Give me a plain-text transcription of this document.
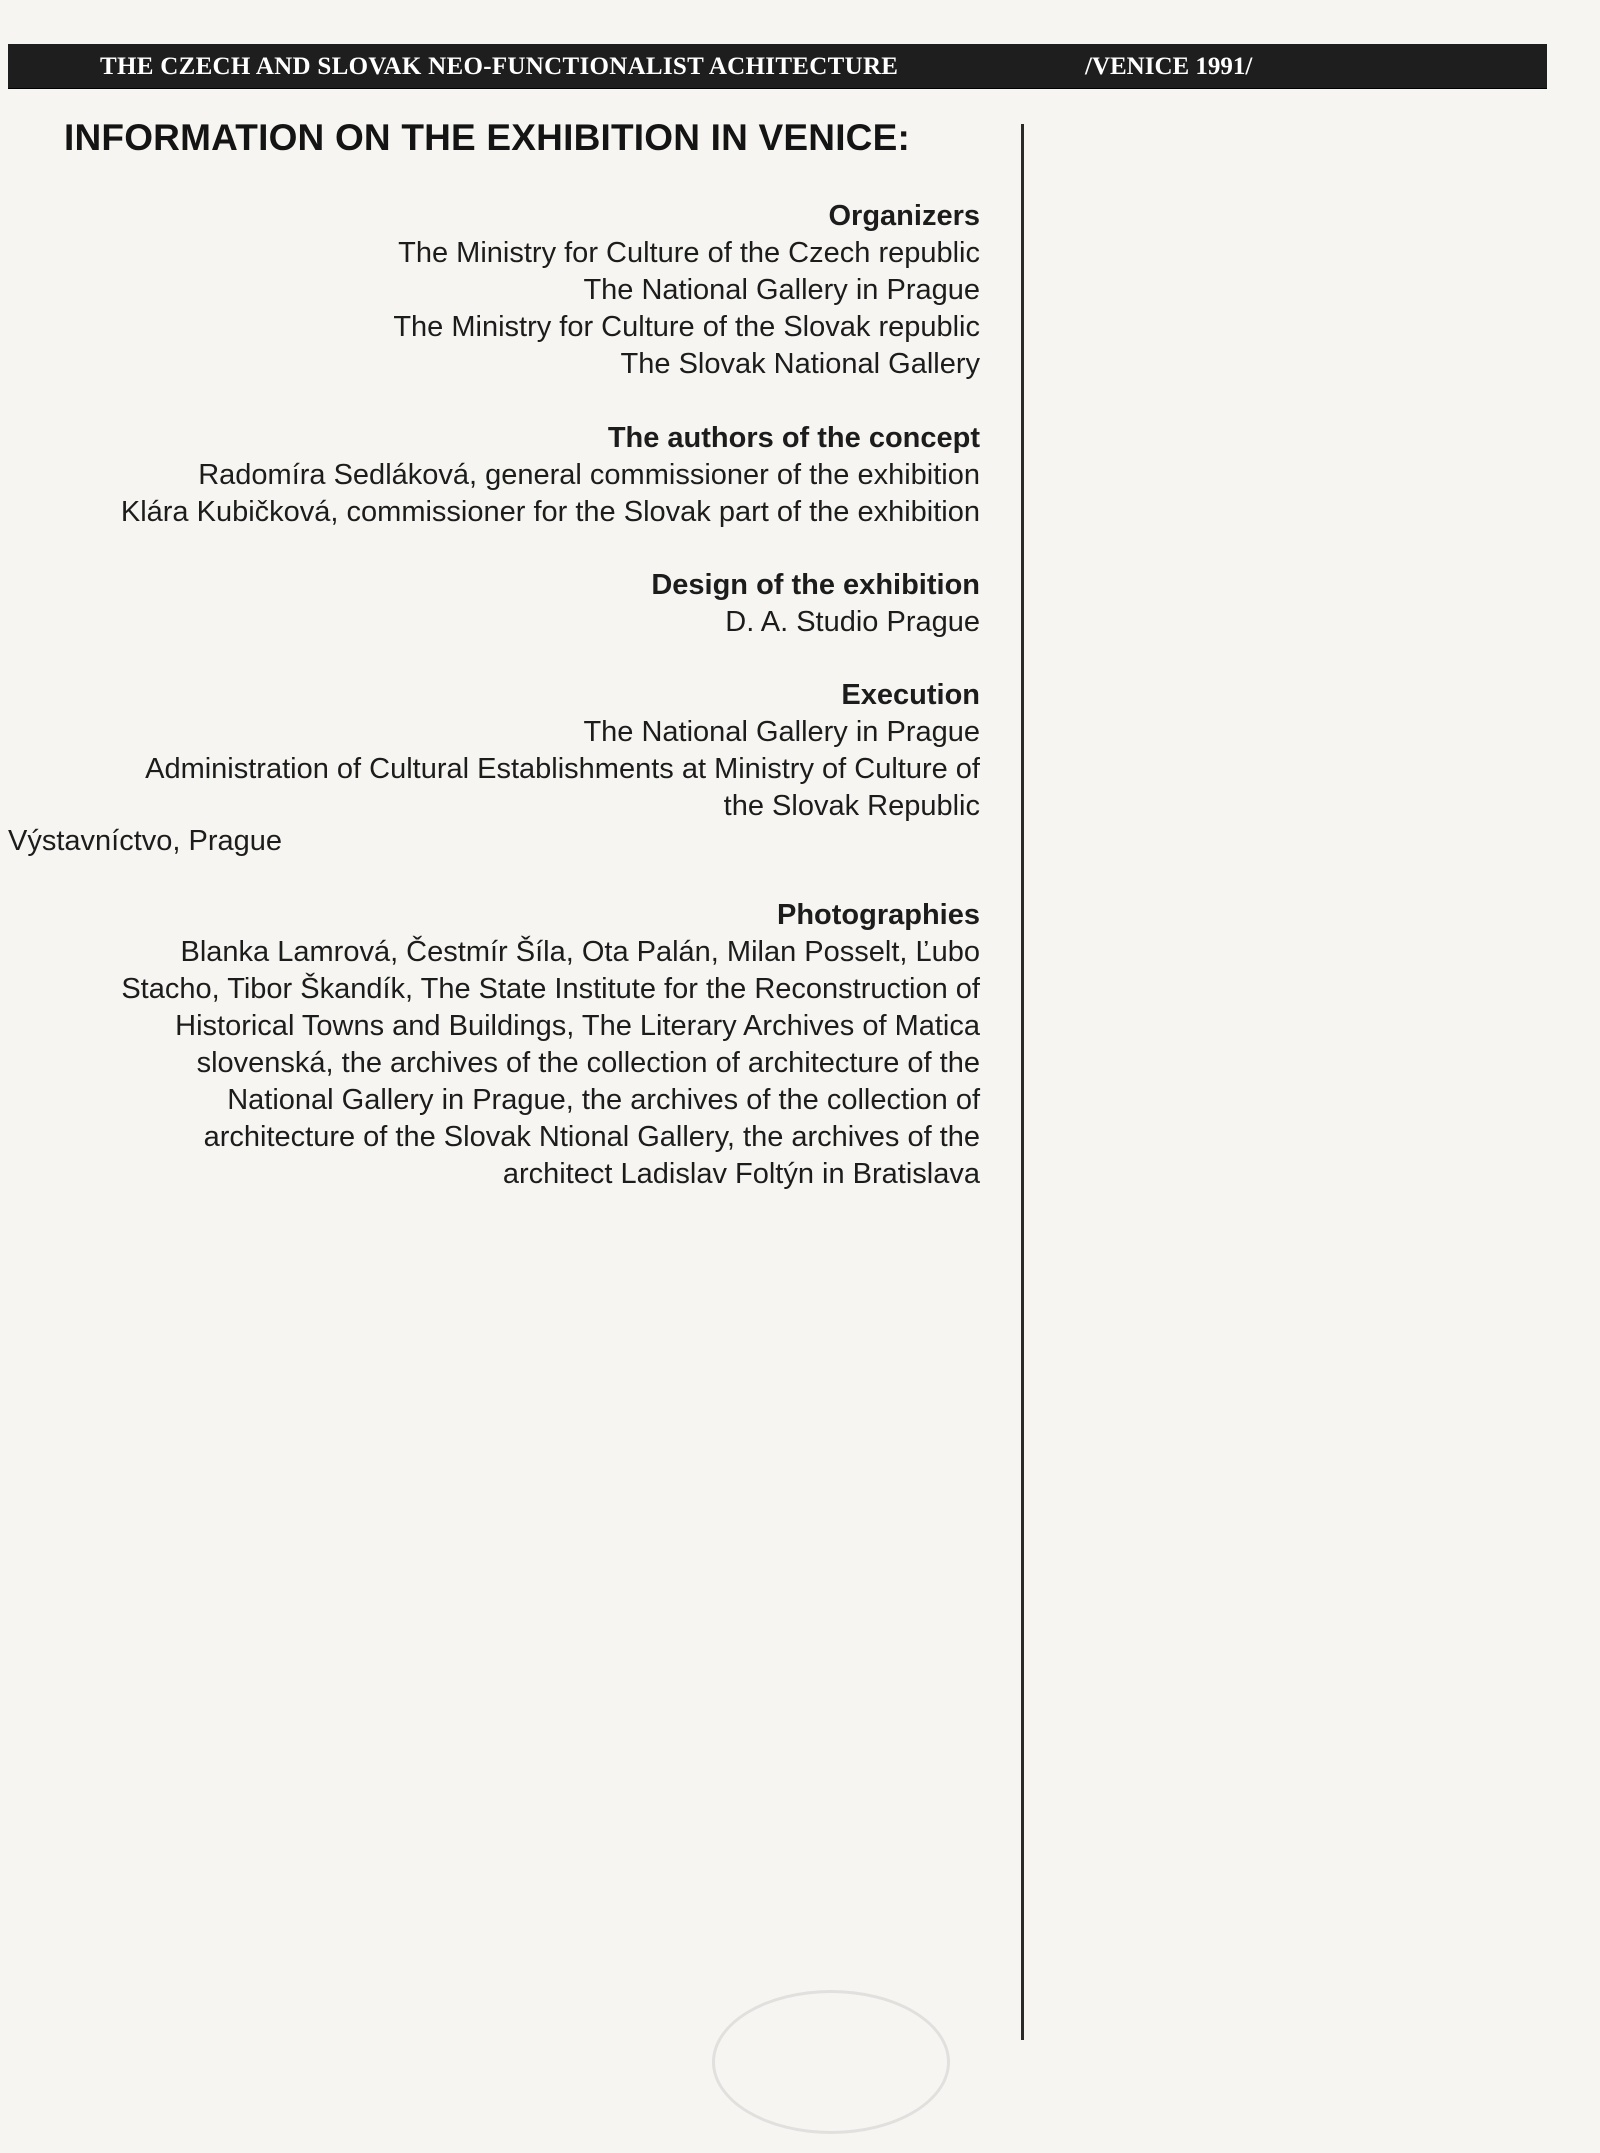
THE CZECH AND SLOVAK NEO-FUNCTIONALIST ACHITECTURE	/VENICE 1991/
INFORMATION ON THE EXHIBITION IN VENICE:
Organizers
The Ministry for Culture of the Czech republic
The National Gallery in Prague
The Ministry for Culture of the Slovak republic
The Slovak National Gallery
The authors of the concept
Radomíra Sedláková, general commissioner of the exhibition
Klára Kubičková, commissioner for the Slovak part of the exhibition
Design of the exhibition
D. A. Studio Prague
Execution
The National Gallery in Prague
Administration of Cultural Establishments at Ministry of Culture of
the Slovak Republic
Výstavníctvo, Prague
Photographies
Blanka Lamrová, Čestmír Šíla, Ota Palán, Milan Posselt, Ľubo
Stacho, Tibor Škandík, The State Institute for the Reconstruction of
Historical Towns and Buildings, The Literary Archives of Matica
slovenská, the archives of the collection of architecture of the
National Gallery in Prague, the archives of the collection of
architecture of the Slovak Ntional Gallery, the archives of the
architect Ladislav Foltýn in Bratislava
